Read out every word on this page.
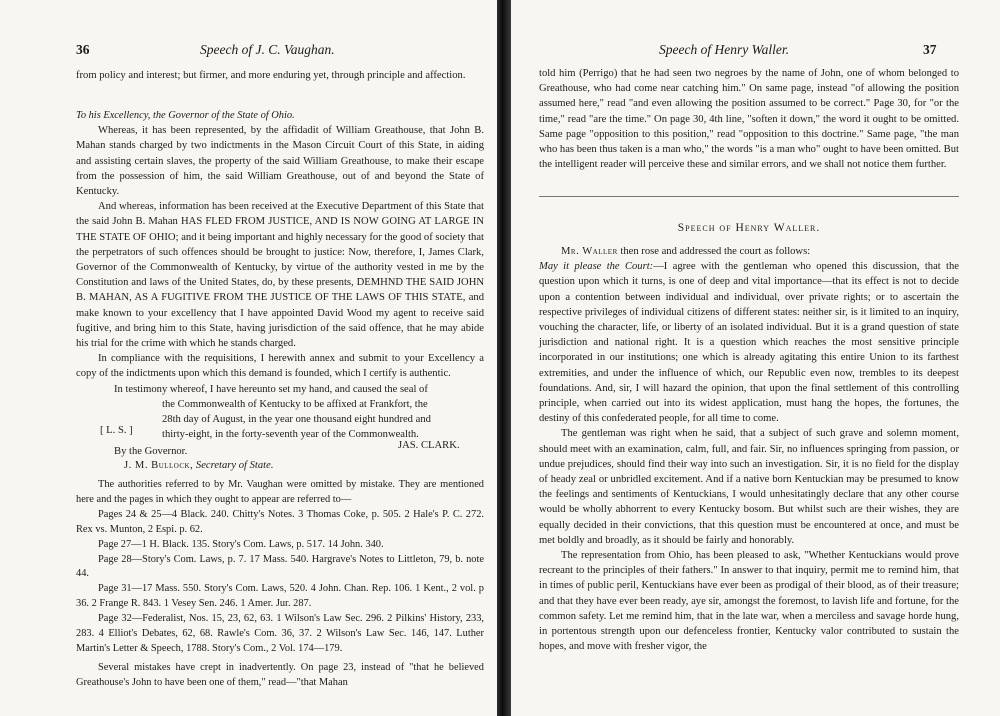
36	Speech of J. C. Vaughan.

from policy and interest; but firmer, and more enduring yet, through principle and affection.

To his Excellency, the Governor of the State of Ohio.

Whereas, it has been represented, by the affidadit of William Greathouse, that John B. Mahan stands charged by two indictments in the Mason Circuit Court of this State, in aiding and assisting certain slaves, the property of the said William Greathouse, to make their escape from the possession of him, the said William Greathouse, out of and beyond the State of Kentucky.

And whereas, information has been received at the Executive Department of this State that the said John B. Mahan HAS FLED FROM JUSTICE, AND IS NOW GOING AT LARGE IN THE STATE OF OHIO; and it being important and highly necessary for the good of society that the perpetrators of such offences should be brought to justice: Now, therefore, I, James Clark, Governor of the Commonwealth of Kentucky, by virtue of the authority vested in me by the Constitution and laws of the United States, do, by these presents, DEMHND THE SAID JOHN B. MAHAN, AS A FUGITIVE FROM THE JUSTICE OF THE LAWS OF THIS STATE, and make known to your excellency that I have appointed David Wood my agent to receive said fugitive, and bring him to this State, having jurisdiction of the said offence, that he may abide his trial for the crime with which he stands charged.

In compliance with the requisitions, I herewith annex and submit to your Excellency a copy of the indictments upon which this demand is founded, which I certify is authentic.

In testimony whereof, I have hereunto set my hand, and caused the seal of

the Commonwealth of Kentucky to be affixed at Frankfort, the

28th day of August, in the year one thousand eight hundred and

thirty-eight, in the forty-seventh year of the Commonwealth.

[ L. S. ]
By the Governor.
JAS. CLARK.
J. M. Bullock, Secretary of State.

The authorities referred to by Mr. Vaughan were omitted by mistake. They are mentioned here and the pages in which they ought to appear are referred to—

Pages 24 & 25—4 Black. 240. Chitty's Notes. 3 Thomas Coke, p. 505. 2 Hale's P. C. 272. Rex vs. Munton, 2 Espi. p. 62.

Page 27—1 H. Black. 135. Story's Com. Laws, p. 517. 14 John. 340.

Page 28—Story's Com. Laws, p. 7. 17 Mass. 540. Hargrave's Notes to Littleton, 79, b. note 44.

Page 31—17 Mass. 550. Story's Com. Laws, 520. 4 John. Chan. Rep. 106. 1 Kent., 2 vol. p 36. 2 Frange R. 843. 1 Vesey Sen. 246. 1 Amer. Jur. 287.

Page 32—Federalist, Nos. 15, 23, 62, 63. 1 Wilson's Law Sec. 296. 2 Pilkins' History, 233, 283. 4 Elliot's Debates, 62, 68. Rawle's Com. 36, 37. 2 Wilson's Law Sec. 146, 147. Luther Martin's Letter & Speech, 1788. Story's Com., 2 Vol. 174—179.

Several mistakes have crept in inadvertently. On page 23, instead of "that he believed Greathouse's John to have been one of them," read—"that Mahan

Speech of Henry Waller.	37

told him (Perrigo) that he had seen two negroes by the name of John, one of whom belonged to Greathouse, who had come near catching him." On same page, instead "of allowing the position assumed here," read "and even allowing the position assumed to be correct." Page 30, for "or the time," read "are the time." On page 30, 4th line, "soften it down," the word it ought to be omitted. Same page "opposition to this position," read "opposition to this doctrine." Same page, "the man who has been thus taken is a man who," the words "is a man who" ought to have been omitted. But the intelligent reader will perceive these and similar errors, and we shall not notice them further.

Speech of Henry Waller.

Mr. Waller then rose and addressed the court as follows:

May it please the Court:—I agree with the gentleman who opened this discussion, that the question upon which it turns, is one of deep and vital importance—that its effect is not to decide upon a contention between individual and individual, over private rights; or to ascertain the respective privileges of individual citizens of different states: neither sir, is it limited to an inquiry, vouching the character, life, or liberty of an isolated individual. But it is a grand question of state jurisdiction and national right. It is a question which reaches the most sensitive principle incorporated in our institutions; one which is already agitating this entire Union to its farthest extremities, and under the influence of which, our Republic even now, trembles to its deepest foundations. And, sir, I will hazard the opinion, that upon the final settlement of this controlling principle, when carried out into its widest application, must hang the hopes, the fortunes, the destiny of this confederated people, for all time to come.

The gentleman was right when he said, that a subject of such grave and solemn moment, should meet with an examination, calm, full, and fair. Sir, no influences springing from passion, or undue prejudices, should find their way into such an investigation. Sir, it is no field for the display of heady zeal or unbridled excitement. And if a native born Kentuckian may be presumed to know the feelings and sentiments of Kentuckians, I would unhesitatingly declare that any other course would be wholly abhorrent to every Kentucky bosom. But whilst such are their wishes, they are equally decided in their convictions, that this question must be encountered at once, and must be met boldly and broadly, as it should be fairly and honorably.

The representation from Ohio, has been pleased to ask, "Whether Kentuckians would prove recreant to the principles of their fathers." In answer to that inquiry, permit me to remind him, that in times of public peril, Kentuckians have ever been as prodigal of their blood, as of their treasure; and that they have ever been ready, aye sir, amongst the foremost, to lavish life and fortune, for the common safety. Let me remind him, that in the late war, when a merciless and savage horde hung, in portentous strength upon our defenceless frontier, Kentucky valor contributed to sustain the hopes, and move with fresher vigor, the
